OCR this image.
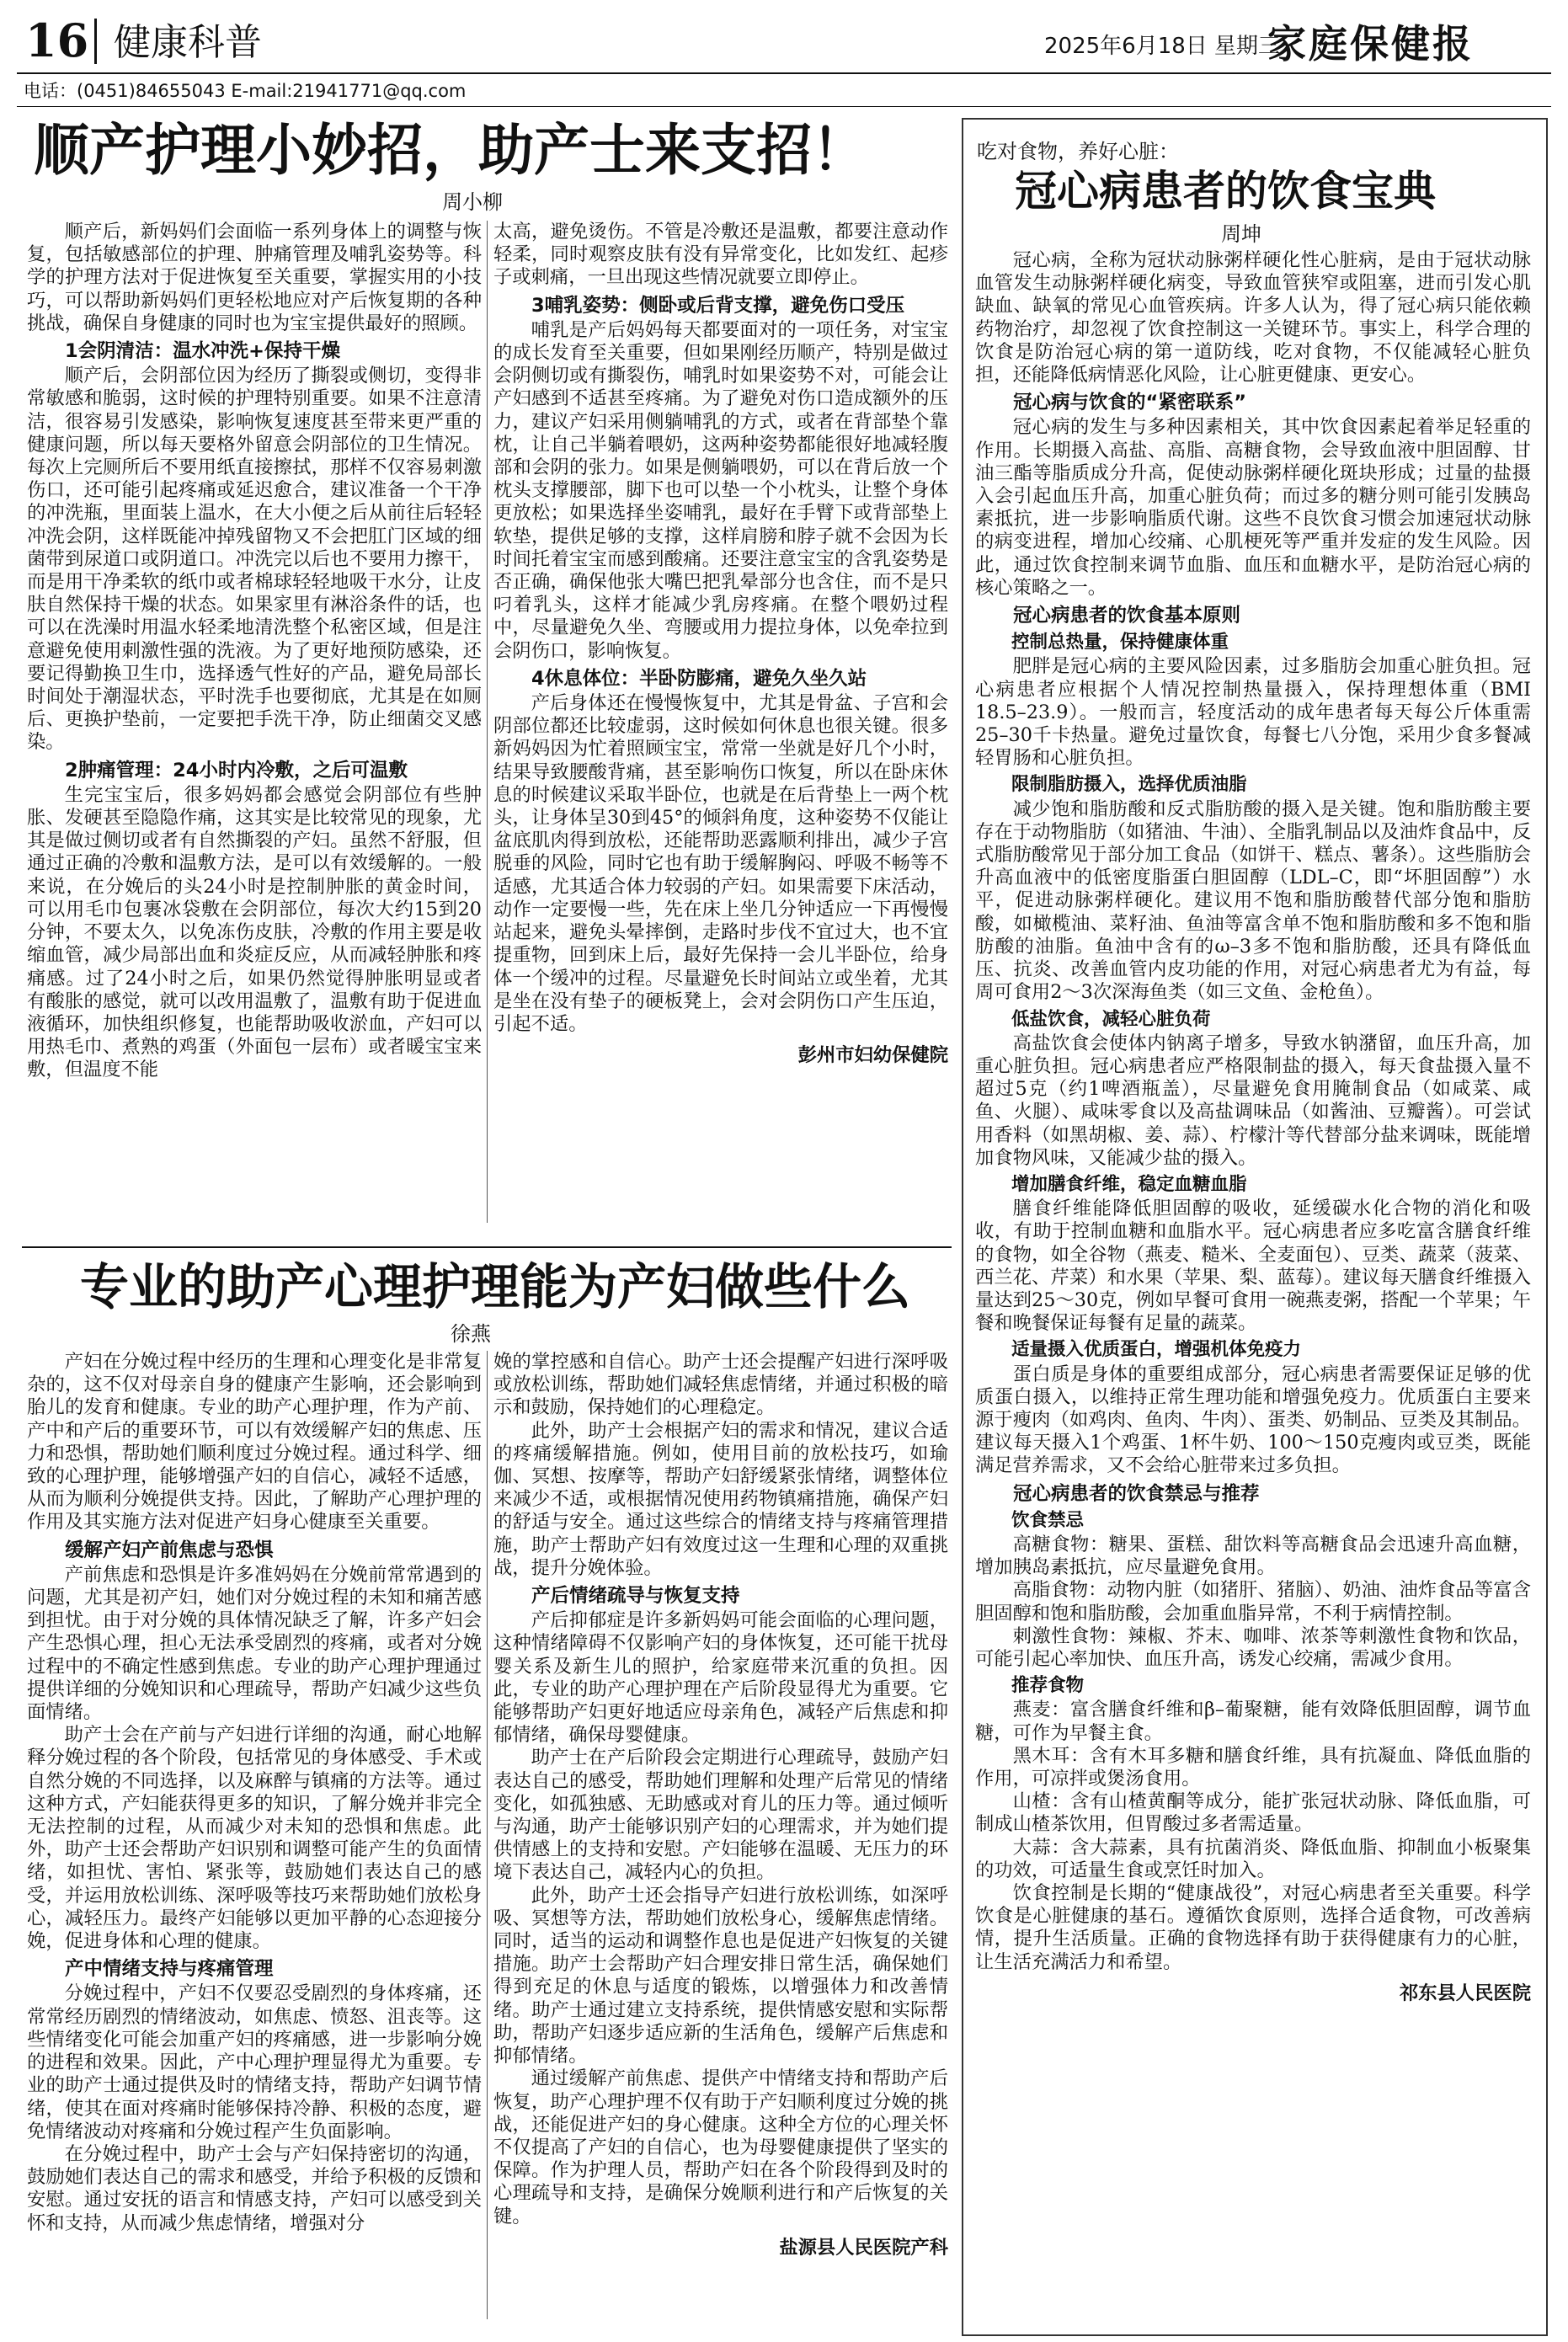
16 健康科普	2025年6月18日 星期三
家庭保健报
电话：(0451)84655043 E-mail:21941771@qq.com
顺产护理小妙招，助产士来支招！
周小柳

顺产后，新妈妈们会面临一系列身体上的调整与恢复，包括敏感部位的护理、肿痛管理及哺乳姿势等。科学的护理方法对于促进恢复至关重要，掌握实用的小技巧，可以帮助新妈妈们更轻松地应对产后恢复期的各种挑战，确保自身健康的同时也为宝宝提供最好的照顾。

1会阴清洁：温水冲洗+保持干燥

顺产后，会阴部位因为经历了撕裂或侧切，变得非常敏感和脆弱，这时候的护理特别重要。如果不注意清洁，很容易引发感染，影响恢复速度甚至带来更严重的健康问题，所以每天要格外留意会阴部位的卫生情况。每次上完厕所后不要用纸直接擦拭，那样不仅容易刺激伤口，还可能引起疼痛或延迟愈合，建议准备一个干净的冲洗瓶，里面装上温水，在大小便之后从前往后轻轻冲洗会阴，这样既能冲掉残留物又不会把肛门区域的细菌带到尿道口或阴道口。冲洗完以后也不要用力擦干，而是用干净柔软的纸巾或者棉球轻轻地吸干水分，让皮肤自然保持干燥的状态。如果家里有淋浴条件的话，也可以在洗澡时用温水轻柔地清洗整个私密区域，但是注意避免使用刺激性强的洗液。为了更好地预防感染，还要记得勤换卫生巾，选择透气性好的产品，避免局部长时间处于潮湿状态，平时洗手也要彻底，尤其是在如厕后、更换护垫前，一定要把手洗干净，防止细菌交叉感染。

2肿痛管理：24小时内冷敷，之后可温敷

生完宝宝后，很多妈妈都会感觉会阴部位有些肿胀、发硬甚至隐隐作痛，这其实是比较常见的现象，尤其是做过侧切或者有自然撕裂的产妇。虽然不舒服，但通过正确的冷敷和温敷方法，是可以有效缓解的。一般来说，在分娩后的头24小时是控制肿胀的黄金时间，可以用毛巾包裹冰袋敷在会阴部位，每次大约15到20分钟，不要太久，以免冻伤皮肤，冷敷的作用主要是收缩血管，减少局部出血和炎症反应，从而减轻肿胀和疼痛感。过了24小时之后，如果仍然觉得肿胀明显或者有酸胀的感觉，就可以改用温敷了，温敷有助于促进血液循环，加快组织修复，也能帮助吸收淤血，产妇可以用热毛巾、煮熟的鸡蛋（外面包一层布）或者暖宝宝来敷，但温度不能

太高，避免烫伤。不管是冷敷还是温敷，都要注意动作轻柔，同时观察皮肤有没有异常变化，比如发红、起疹子或刺痛，一旦出现这些情况就要立即停止。

3哺乳姿势：侧卧或后背支撑，避免伤口受压

哺乳是产后妈妈每天都要面对的一项任务，对宝宝的成长发育至关重要，但如果刚经历顺产，特别是做过会阴侧切或有撕裂伤，哺乳时如果姿势不对，可能会让产妇感到不适甚至疼痛。为了避免对伤口造成额外的压力，建议产妇采用侧躺哺乳的方式，或者在背部垫个靠枕，让自己半躺着喂奶，这两种姿势都能很好地减轻腹部和会阴的张力。如果是侧躺喂奶，可以在背后放一个枕头支撑腰部，脚下也可以垫一个小枕头，让整个身体更放松；如果选择坐姿哺乳，最好在手臂下或背部垫上软垫，提供足够的支撑，这样肩膀和脖子就不会因为长时间托着宝宝而感到酸痛。还要注意宝宝的含乳姿势是否正确，确保他张大嘴巴把乳晕部分也含住，而不是只叼着乳头，这样才能减少乳房疼痛。在整个喂奶过程中，尽量避免久坐、弯腰或用力提拉身体，以免牵拉到会阴伤口，影响恢复。

4休息体位：半卧防膨痛，避免久坐久站

产后身体还在慢慢恢复中，尤其是骨盆、子宫和会阴部位都还比较虚弱，这时候如何休息也很关键。很多新妈妈因为忙着照顾宝宝，常常一坐就是好几个小时，结果导致腰酸背痛，甚至影响伤口恢复，所以在卧床休息的时候建议采取半卧位，也就是在后背垫上一两个枕头，让身体呈30到45°的倾斜角度，这种姿势不仅能让盆底肌肉得到放松，还能帮助恶露顺利排出，减少子宫脱垂的风险，同时它也有助于缓解胸闷、呼吸不畅等不适感，尤其适合体力较弱的产妇。如果需要下床活动，动作一定要慢一些，先在床上坐几分钟适应一下再慢慢站起来，避免头晕摔倒，走路时步伐不宜过大，也不宜提重物，回到床上后，最好先保持一会儿半卧位，给身体一个缓冲的过程。尽量避免长时间站立或坐着，尤其是坐在没有垫子的硬板凳上，会对会阴伤口产生压迫，引起不适。

彭州市妇幼保健院

专业的助产心理护理能为产妇做些什么
徐燕

产妇在分娩过程中经历的生理和心理变化是非常复杂的，这不仅对母亲自身的健康产生影响，还会影响到胎儿的发育和健康。专业的助产心理护理，作为产前、产中和产后的重要环节，可以有效缓解产妇的焦虑、压力和恐惧，帮助她们顺利度过分娩过程。通过科学、细致的心理护理，能够增强产妇的自信心，减轻不适感，从而为顺利分娩提供支持。因此，了解助产心理护理的作用及其实施方法对促进产妇身心健康至关重要。

缓解产妇产前焦虑与恐惧

产前焦虑和恐惧是许多准妈妈在分娩前常常遇到的问题，尤其是初产妇，她们对分娩过程的未知和痛苦感到担忧。由于对分娩的具体情况缺乏了解，许多产妇会产生恐惧心理，担心无法承受剧烈的疼痛，或者对分娩过程中的不确定性感到焦虑。专业的助产心理护理通过提供详细的分娩知识和心理疏导，帮助产妇减少这些负面情绪。

助产士会在产前与产妇进行详细的沟通，耐心地解释分娩过程的各个阶段，包括常见的身体感受、手术或自然分娩的不同选择，以及麻醉与镇痛的方法等。通过这种方式，产妇能获得更多的知识，了解分娩并非完全无法控制的过程，从而减少对未知的恐惧和焦虑。此外，助产士还会帮助产妇识别和调整可能产生的负面情绪，如担忧、害怕、紧张等，鼓励她们表达自己的感受，并运用放松训练、深呼吸等技巧来帮助她们放松身心，减轻压力。最终产妇能够以更加平静的心态迎接分娩，促进身体和心理的健康。

产中情绪支持与疼痛管理

分娩过程中，产妇不仅要忍受剧烈的身体疼痛，还常常经历剧烈的情绪波动，如焦虑、愤怒、沮丧等。这些情绪变化可能会加重产妇的疼痛感，进一步影响分娩的进程和效果。因此，产中心理护理显得尤为重要。专业的助产士通过提供及时的情绪支持，帮助产妇调节情绪，使其在面对疼痛时能够保持冷静、积极的态度，避免情绪波动对疼痛和分娩过程产生负面影响。

在分娩过程中，助产士会与产妇保持密切的沟通，鼓励她们表达自己的需求和感受，并给予积极的反馈和安慰。通过安抚的语言和情感支持，产妇可以感受到关怀和支持，从而减少焦虑情绪，增强对分

娩的掌控感和自信心。助产士还会提醒产妇进行深呼吸或放松训练，帮助她们减轻焦虑情绪，并通过积极的暗示和鼓励，保持她们的心理稳定。

此外，助产士会根据产妇的需求和情况，建议合适的疼痛缓解措施。例如，使用目前的放松技巧，如瑜伽、冥想、按摩等，帮助产妇舒缓紧张情绪，调整体位来减少不适，或根据情况使用药物镇痛措施，确保产妇的舒适与安全。通过这些综合的情绪支持与疼痛管理措施，助产士帮助产妇有效度过这一生理和心理的双重挑战，提升分娩体验。

产后情绪疏导与恢复支持

产后抑郁症是许多新妈妈可能会面临的心理问题，这种情绪障碍不仅影响产妇的身体恢复，还可能干扰母婴关系及新生儿的照护，给家庭带来沉重的负担。因此，专业的助产心理护理在产后阶段显得尤为重要。它能够帮助产妇更好地适应母亲角色，减轻产后焦虑和抑郁情绪，确保母婴健康。

助产士在产后阶段会定期进行心理疏导，鼓励产妇表达自己的感受，帮助她们理解和处理产后常见的情绪变化，如孤独感、无助感或对育儿的压力等。通过倾听与沟通，助产士能够识别产妇的心理需求，并为她们提供情感上的支持和安慰。产妇能够在温暖、无压力的环境下表达自己，减轻内心的负担。

此外，助产士还会指导产妇进行放松训练，如深呼吸、冥想等方法，帮助她们放松身心，缓解焦虑情绪。同时，适当的运动和调整作息也是促进产妇恢复的关键措施。助产士会帮助产妇合理安排日常生活，确保她们得到充足的休息与适度的锻炼，以增强体力和改善情绪。助产士通过建立支持系统，提供情感安慰和实际帮助，帮助产妇逐步适应新的生活角色，缓解产后焦虑和抑郁情绪。

通过缓解产前焦虑、提供产中情绪支持和帮助产后恢复，助产心理护理不仅有助于产妇顺利度过分娩的挑战，还能促进产妇的身心健康。这种全方位的心理关怀不仅提高了产妇的自信心，也为母婴健康提供了坚实的保障。作为护理人员，帮助产妇在各个阶段得到及时的心理疏导和支持，是确保分娩顺利进行和产后恢复的关键。

盐源县人民医院产科

吃对食物，养好心脏：
冠心病患者的饮食宝典
周坤

冠心病，全称为冠状动脉粥样硬化性心脏病，是由于冠状动脉血管发生动脉粥样硬化病变，导致血管狭窄或阻塞，进而引发心肌缺血、缺氧的常见心血管疾病。许多人认为，得了冠心病只能依赖药物治疗，却忽视了饮食控制这一关键环节。事实上，科学合理的饮食是防治冠心病的第一道防线，吃对食物，不仅能减轻心脏负担，还能降低病情恶化风险，让心脏更健康、更安心。

冠心病与饮食的“紧密联系”

冠心病的发生与多种因素相关，其中饮食因素起着举足轻重的作用。长期摄入高盐、高脂、高糖食物，会导致血液中胆固醇、甘油三酯等脂质成分升高，促使动脉粥样硬化斑块形成；过量的盐摄入会引起血压升高，加重心脏负荷；而过多的糖分则可能引发胰岛素抵抗，进一步影响脂质代谢。这些不良饮食习惯会加速冠状动脉的病变进程，增加心绞痛、心肌梗死等严重并发症的发生风险。因此，通过饮食控制来调节血脂、血压和血糖水平，是防治冠心病的核心策略之一。

冠心病患者的饮食基本原则
控制总热量，保持健康体重

肥胖是冠心病的主要风险因素，过多脂肪会加重心脏负担。冠心病患者应根据个人情况控制热量摄入，保持理想体重（BMI 18.5–23.9）。一般而言，轻度活动的成年患者每天每公斤体重需25–30千卡热量。避免过量饮食，每餐七八分饱，采用少食多餐减轻胃肠和心脏负担。

限制脂肪摄入，选择优质油脂

减少饱和脂肪酸和反式脂肪酸的摄入是关键。饱和脂肪酸主要存在于动物脂肪（如猪油、牛油）、全脂乳制品以及油炸食品中，反式脂肪酸常见于部分加工食品（如饼干、糕点、薯条）。这些脂肪会升高血液中的低密度脂蛋白胆固醇（LDL–C，即“坏胆固醇”）水平，促进动脉粥样硬化。建议用不饱和脂肪酸替代部分饱和脂肪酸，如橄榄油、菜籽油、鱼油等富含单不饱和脂肪酸和多不饱和脂肪酸的油脂。鱼油中含有的ω–3多不饱和脂肪酸，还具有降低血压、抗炎、改善血管内皮功能的作用，对冠心病患者尤为有益，每周可食用2～3次深海鱼类（如三文鱼、金枪鱼）。

低盐饮食，减轻心脏负荷

高盐饮食会使体内钠离子增多，导致水钠潴留，血压升高，加重心脏负担。冠心病患者应严格限制盐的摄入，每天食盐摄入量不超过5克（约1啤酒瓶盖），尽量避免食用腌制食品（如咸菜、咸鱼、火腿）、咸味零食以及高盐调味品（如酱油、豆瓣酱）。可尝试用香料（如黑胡椒、姜、蒜）、柠檬汁等代替部分盐来调味，既能增加食物风味，又能减少盐的摄入。

增加膳食纤维，稳定血糖血脂

膳食纤维能降低胆固醇的吸收，延缓碳水化合物的消化和吸收，有助于控制血糖和血脂水平。冠心病患者应多吃富含膳食纤维的食物，如全谷物（燕麦、糙米、全麦面包）、豆类、蔬菜（菠菜、西兰花、芹菜）和水果（苹果、梨、蓝莓）。建议每天膳食纤维摄入量达到25～30克，例如早餐可食用一碗燕麦粥，搭配一个苹果；午餐和晚餐保证每餐有足量的蔬菜。

适量摄入优质蛋白，增强机体免疫力

蛋白质是身体的重要组成部分，冠心病患者需要保证足够的优质蛋白摄入，以维持正常生理功能和增强免疫力。优质蛋白主要来源于瘦肉（如鸡肉、鱼肉、牛肉）、蛋类、奶制品、豆类及其制品。建议每天摄入1个鸡蛋、1杯牛奶、100～150克瘦肉或豆类，既能满足营养需求，又不会给心脏带来过多负担。

冠心病患者的饮食禁忌与推荐
饮食禁忌

高糖食物：糖果、蛋糕、甜饮料等高糖食品会迅速升高血糖，增加胰岛素抵抗，应尽量避免食用。

高脂食物：动物内脏（如猪肝、猪脑）、奶油、油炸食品等富含胆固醇和饱和脂肪酸，会加重血脂异常，不利于病情控制。

刺激性食物：辣椒、芥末、咖啡、浓茶等刺激性食物和饮品，可能引起心率加快、血压升高，诱发心绞痛，需减少食用。

推荐食物

燕麦：富含膳食纤维和β–葡聚糖，能有效降低胆固醇，调节血糖，可作为早餐主食。

黑木耳：含有木耳多糖和膳食纤维，具有抗凝血、降低血脂的作用，可凉拌或煲汤食用。

山楂：含有山楂黄酮等成分，能扩张冠状动脉、降低血脂，可制成山楂茶饮用，但胃酸过多者需适量。

大蒜：含大蒜素，具有抗菌消炎、降低血脂、抑制血小板聚集的功效，可适量生食或烹饪时加入。

饮食控制是长期的“健康战役”，对冠心病患者至关重要。科学饮食是心脏健康的基石。遵循饮食原则，选择合适食物，可改善病情，提升生活质量。正确的食物选择有助于获得健康有力的心脏，让生活充满活力和希望。

祁东县人民医院
